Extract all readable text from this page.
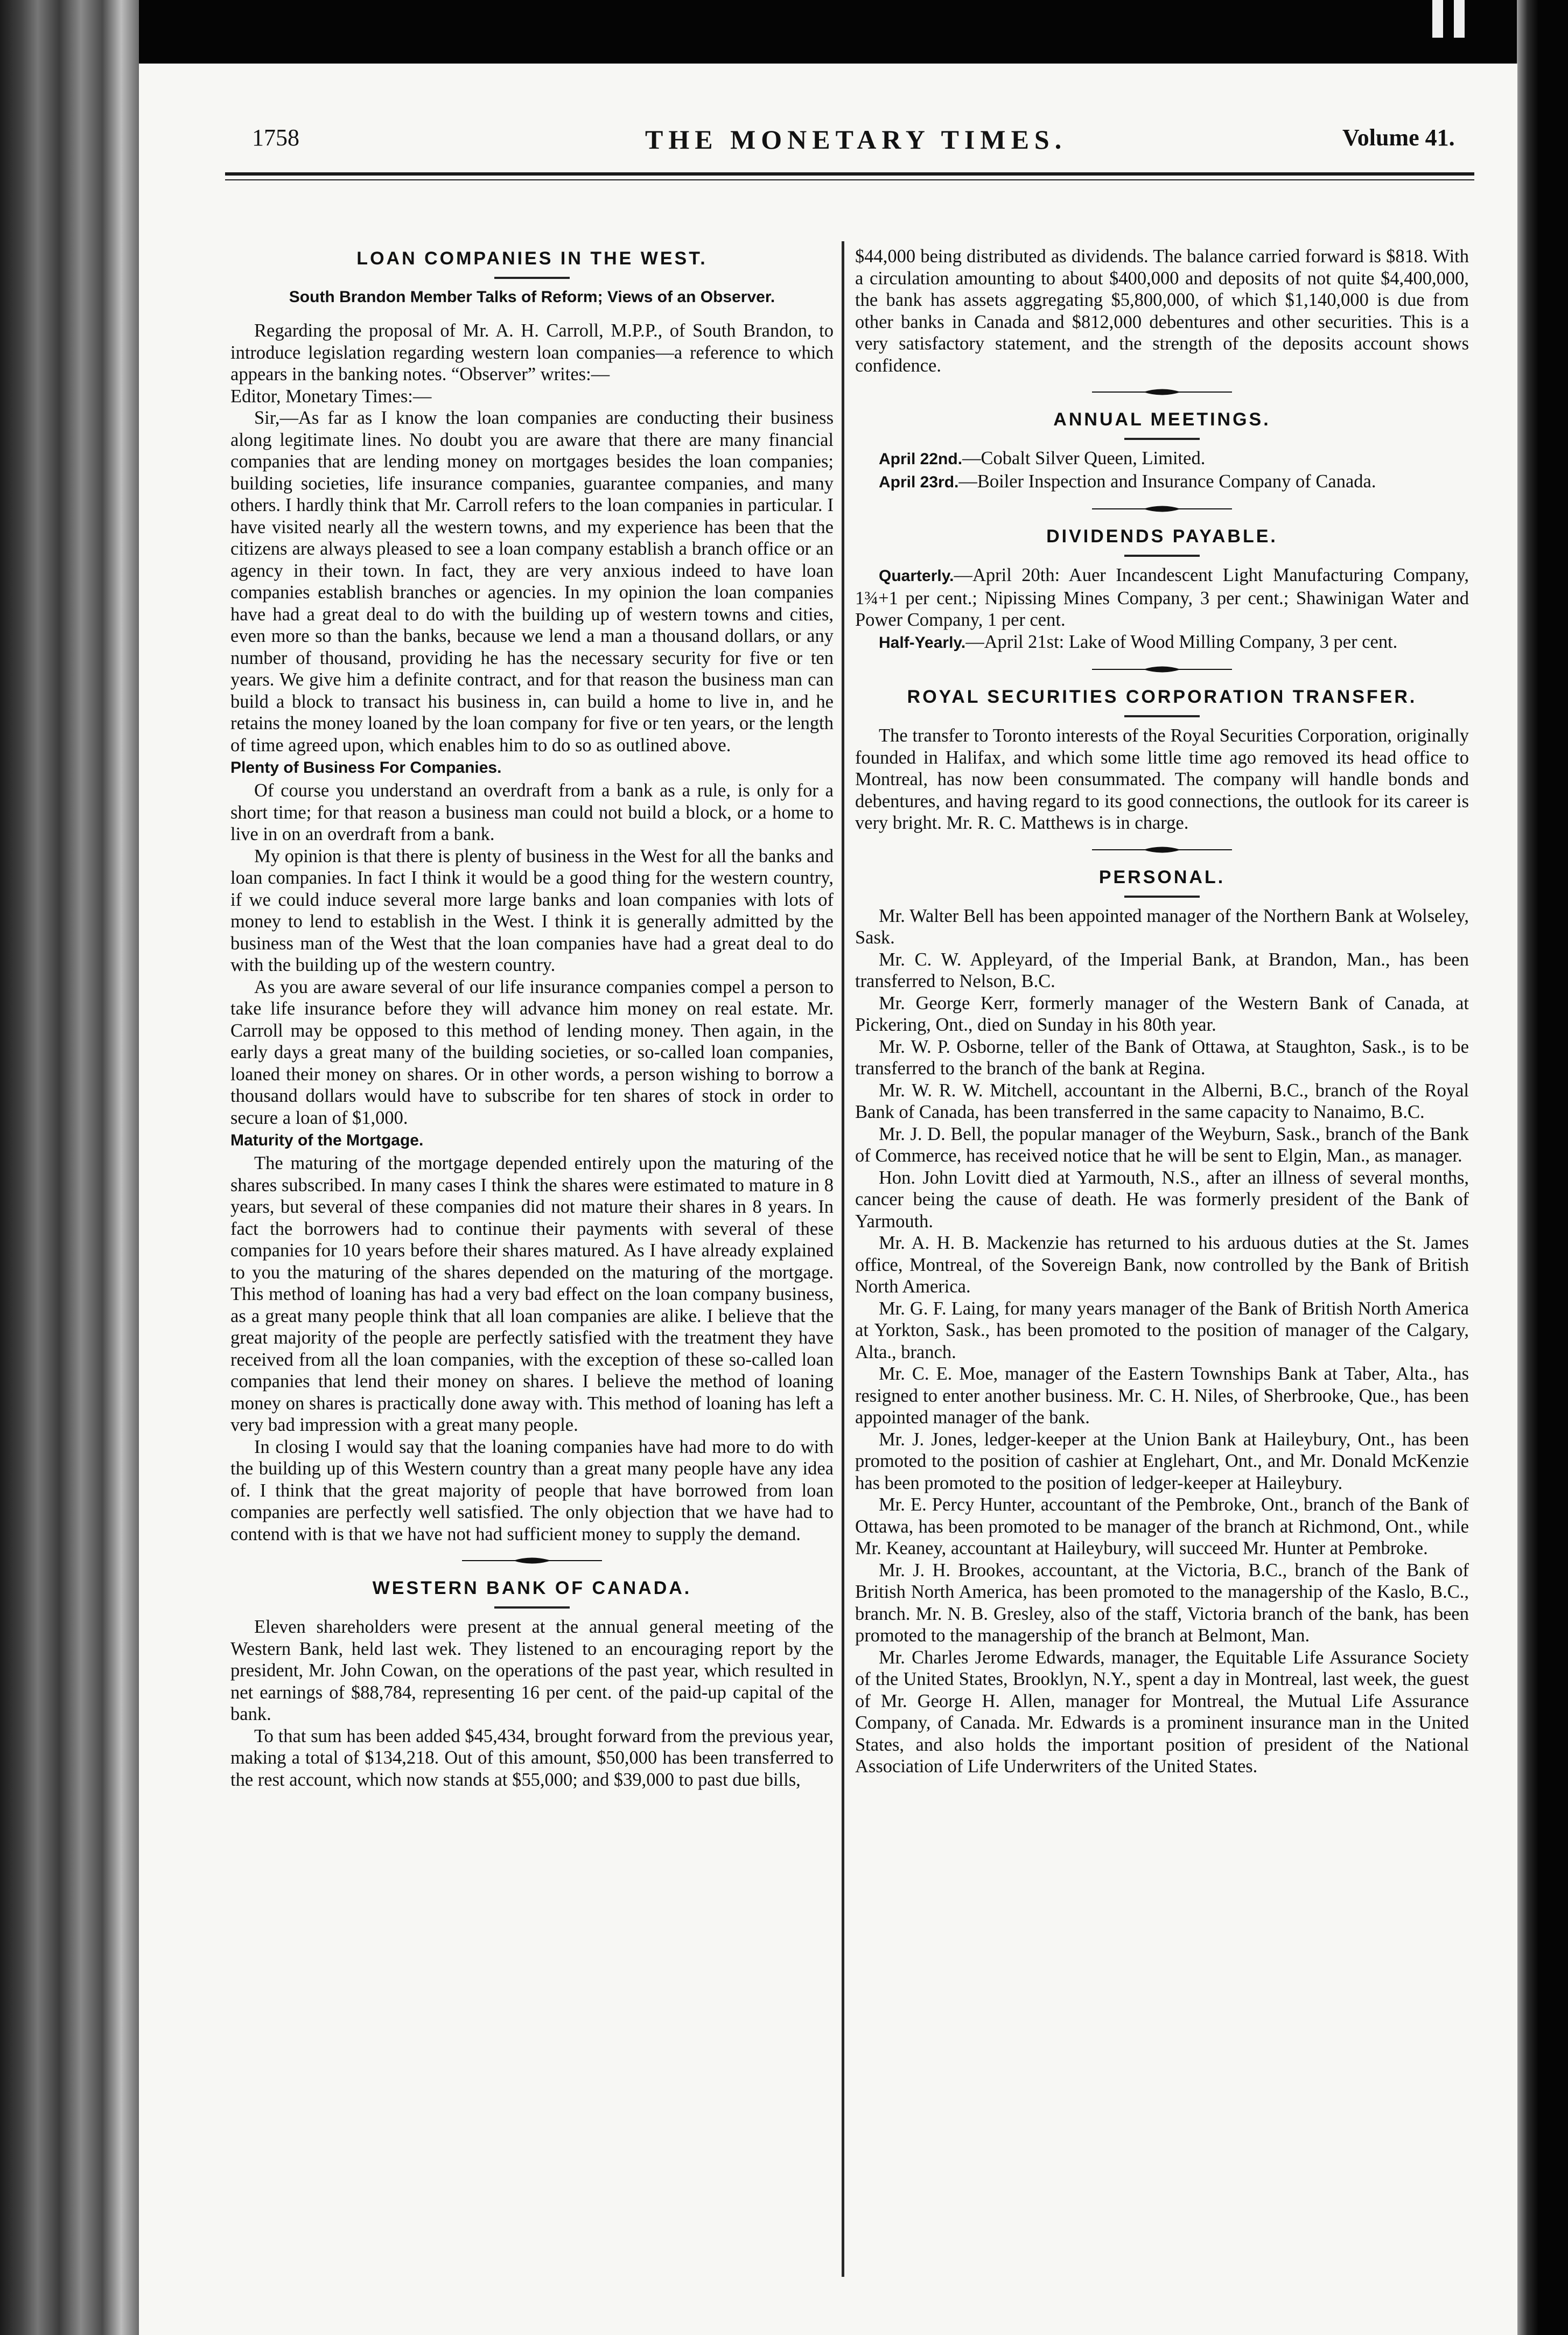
1758	THE MONETARY TIMES.	Volume 41.
LOAN COMPANIES IN THE WEST.
South Brandon Member Talks of Reform; Views of an Observer.

Regarding the proposal of Mr. A. H. Carroll, M.P.P., of South Brandon, to introduce legislation regarding western loan companies—a reference to which appears in the banking notes. “Observer” writes:—

Editor, Monetary Times:—

Sir,—As far as I know the loan companies are conducting their business along legitimate lines. No doubt you are aware that there are many financial companies that are lending money on mortgages besides the loan companies; building societies, life insurance companies, guarantee companies, and many others. I hardly think that Mr. Carroll refers to the loan companies in particular. I have visited nearly all the western towns, and my experience has been that the citizens are always pleased to see a loan company establish a branch office or an agency in their town. In fact, they are very anxious indeed to have loan companies establish branches or agencies. In my opinion the loan companies have had a great deal to do with the building up of western towns and cities, even more so than the banks, because we lend a man a thousand dollars, or any number of thousand, providing he has the necessary security for five or ten years. We give him a definite contract, and for that reason the business man can build a block to transact his business in, can build a home to live in, and he retains the money loaned by the loan company for five or ten years, or the length of time agreed upon, which enables him to do so as outlined above.

Plenty of Business For Companies.

Of course you understand an overdraft from a bank as a rule, is only for a short time; for that reason a business man could not build a block, or a home to live in on an overdraft from a bank.

My opinion is that there is plenty of business in the West for all the banks and loan companies. In fact I think it would be a good thing for the western country, if we could induce several more large banks and loan companies with lots of money to lend to establish in the West. I think it is generally admitted by the business man of the West that the loan companies have had a great deal to do with the building up of the western country.

As you are aware several of our life insurance companies compel a person to take life insurance before they will advance him money on real estate. Mr. Carroll may be opposed to this method of lending money. Then again, in the early days a great many of the building societies, or so-called loan companies, loaned their money on shares. Or in other words, a person wishing to borrow a thousand dollars would have to subscribe for ten shares of stock in order to secure a loan of $1,000.

Maturity of the Mortgage.

The maturing of the mortgage depended entirely upon the maturing of the shares subscribed. In many cases I think the shares were estimated to mature in 8 years, but several of these companies did not mature their shares in 8 years. In fact the borrowers had to continue their payments with several of these companies for 10 years before their shares matured. As I have already explained to you the maturing of the shares depended on the maturing of the mortgage. This method of loaning has had a very bad effect on the loan company business, as a great many people think that all loan companies are alike. I believe that the great majority of the people are perfectly satisfied with the treatment they have received from all the loan companies, with the exception of these so-called loan companies that lend their money on shares. I believe the method of loaning money on shares is practically done away with. This method of loaning has left a very bad impression with a great many people.

In closing I would say that the loaning companies have had more to do with the building up of this Western country than a great many people have any idea of. I think that the great majority of people that have borrowed from loan companies are perfectly well satisfied. The only objection that we have had to contend with is that we have not had sufficient money to supply the demand.

WESTERN BANK OF CANADA.

Eleven shareholders were present at the annual general meeting of the Western Bank, held last wek. They listened to an encouraging report by the president, Mr. John Cowan, on the operations of the past year, which resulted in net earnings of $88,784, representing 16 per cent. of the paid-up capital of the bank.

To that sum has been added $45,434, brought forward from the previous year, making a total of $134,218. Out of this amount, $50,000 has been transferred to the rest account, which now stands at $55,000; and $39,000 to past due bills,

$44,000 being distributed as dividends. The balance carried forward is $818. With a circulation amounting to about $400,000 and deposits of not quite $4,400,000, the bank has assets aggregating $5,800,000, of which $1,140,000 is due from other banks in Canada and $812,000 debentures and other securities. This is a very satisfactory statement, and the strength of the deposits account shows confidence.

ANNUAL MEETINGS.

April 22nd.—Cobalt Silver Queen, Limited.

April 23rd.—Boiler Inspection and Insurance Company of Canada.

DIVIDENDS PAYABLE.

Quarterly.—April 20th: Auer Incandescent Light Manufacturing Company, 1¾+1 per cent.; Nipissing Mines Company, 3 per cent.; Shawinigan Water and Power Company, 1 per cent.

Half-Yearly.—April 21st: Lake of Wood Milling Company, 3 per cent.

ROYAL SECURITIES CORPORATION TRANSFER.

The transfer to Toronto interests of the Royal Securities Corporation, originally founded in Halifax, and which some little time ago removed its head office to Montreal, has now been consummated. The company will handle bonds and debentures, and having regard to its good connections, the outlook for its career is very bright. Mr. R. C. Matthews is in charge.

PERSONAL.

Mr. Walter Bell has been appointed manager of the Northern Bank at Wolseley, Sask.

Mr. C. W. Appleyard, of the Imperial Bank, at Brandon, Man., has been transferred to Nelson, B.C.

Mr. George Kerr, formerly manager of the Western Bank of Canada, at Pickering, Ont., died on Sunday in his 80th year.

Mr. W. P. Osborne, teller of the Bank of Ottawa, at Staughton, Sask., is to be transferred to the branch of the bank at Regina.

Mr. W. R. W. Mitchell, accountant in the Alberni, B.C., branch of the Royal Bank of Canada, has been transferred in the same capacity to Nanaimo, B.C.

Mr. J. D. Bell, the popular manager of the Weyburn, Sask., branch of the Bank of Commerce, has received notice that he will be sent to Elgin, Man., as manager.

Hon. John Lovitt died at Yarmouth, N.S., after an illness of several months, cancer being the cause of death. He was formerly president of the Bank of Yarmouth.

Mr. A. H. B. Mackenzie has returned to his arduous duties at the St. James office, Montreal, of the Sovereign Bank, now controlled by the Bank of British North America.

Mr. G. F. Laing, for many years manager of the Bank of British North America at Yorkton, Sask., has been promoted to the position of manager of the Calgary, Alta., branch.

Mr. C. E. Moe, manager of the Eastern Townships Bank at Taber, Alta., has resigned to enter another business. Mr. C. H. Niles, of Sherbrooke, Que., has been appointed manager of the bank.

Mr. J. Jones, ledger-keeper at the Union Bank at Haileybury, Ont., has been promoted to the position of cashier at Englehart, Ont., and Mr. Donald McKenzie has been promoted to the position of ledger-keeper at Haileybury.

Mr. E. Percy Hunter, accountant of the Pembroke, Ont., branch of the Bank of Ottawa, has been promoted to be manager of the branch at Richmond, Ont., while Mr. Keaney, accountant at Haileybury, will succeed Mr. Hunter at Pembroke.

Mr. J. H. Brookes, accountant, at the Victoria, B.C., branch of the Bank of British North America, has been promoted to the managership of the Kaslo, B.C., branch. Mr. N. B. Gresley, also of the staff, Victoria branch of the bank, has been promoted to the managership of the branch at Belmont, Man.

Mr. Charles Jerome Edwards, manager, the Equitable Life Assurance Society of the United States, Brooklyn, N.Y., spent a day in Montreal, last week, the guest of Mr. George H. Allen, manager for Montreal, the Mutual Life Assurance Company, of Canada. Mr. Edwards is a prominent insurance man in the United States, and also holds the important position of president of the National Association of Life Underwriters of the United States.
